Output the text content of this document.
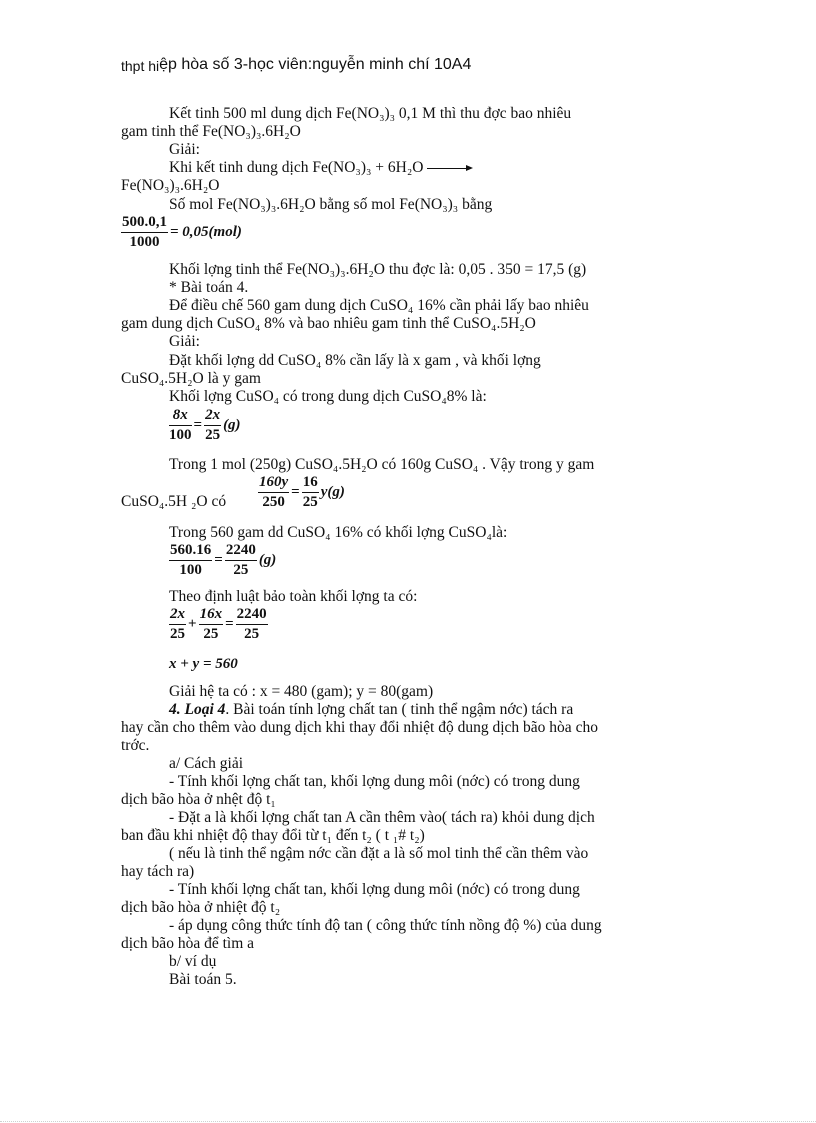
thpt hiệp hòa số 3-học viên:nguyễn minh chí 10A4
Kết tinh 500 ml dung dịch Fe(NO₃)₃ 0,1 M thì thu đợc bao nhiêu
gam tinh thể Fe(NO₃)₃.6H₂O
Giải:
Khi kết tinh dung dịch Fe(NO₃)₃ + 6H₂O →
Fe(NO₃)₃.6H₂O
Số mol Fe(NO₃)₃.6H₂O bằng số mol Fe(NO₃)₃ bằng
$\frac{500.0,1}{1000} = 0,05(mol)$
Khối lợng tinh thể Fe(NO₃)₃.6H₂O thu đợc là: 0,05 . 350 = 17,5 (g)
* Bài toán 4.
Để điều chế 560 gam dung dịch CuSO₄ 16% cần phải lấy bao nhiêu
gam dung dịch CuSO₄ 8% và bao nhiêu gam tinh thể CuSO₄.5H₂O
Giải:
Đặt khối lợng dd CuSO₄ 8% cần lấy là x gam , và khối lợng
CuSO₄.5H₂O là y gam
Khối lợng CuSO₄ có trong dung dịch CuSO₄8% là:
$\frac{8x}{100} = \frac{2x}{25} (g)$
Trong 1 mol (250g) CuSO₄.5H₂O có 160g CuSO₄ . Vậy trong y gam
CuSO₄.5H ₂O có $\frac{160y}{250} = \frac{16}{25} y(g)$
Trong 560 gam dd CuSO₄ 16% có khối lợng CuSO₄là:
$\frac{560.16}{100} = \frac{2240}{25} (g)$
Theo định luật bảo toàn khối lợng ta có:
$\frac{2x}{25} + \frac{16x}{25} = \frac{2240}{25}$
x + y = 560
Giải hệ ta có : x = 480 (gam); y = 80(gam)
4. Loại 4. Bài toán tính lợng chất tan ( tinh thể ngậm nớc) tách ra
hay cần cho thêm vào dung dịch khi thay đổi nhiệt độ dung dịch bão hòa cho
trớc.
a/ Cách giải
- Tính khối lợng chất tan, khối lợng dung môi (nớc) có trong dung
dịch bão hòa ở nhệt độ t₁
- Đặt a là khối lợng chất tan A cần thêm vào( tách ra) khỏi dung dịch
ban đầu khi nhiệt độ thay đổi từ t₁ đến t₂ ( t ₁# t₂)
( nếu là tinh thể ngậm nớc cần đặt a là số mol tinh thể cần thêm vào
hay tách ra)
- Tính khối lợng chất tan, khối lợng dung môi (nớc) có trong dung
dịch bão hòa ở nhiệt độ t₂
- áp dụng công thức tính độ tan ( công thức tính nồng độ %) của dung
dịch bão hòa để tìm a
b/ ví dụ
Bài toán 5.
